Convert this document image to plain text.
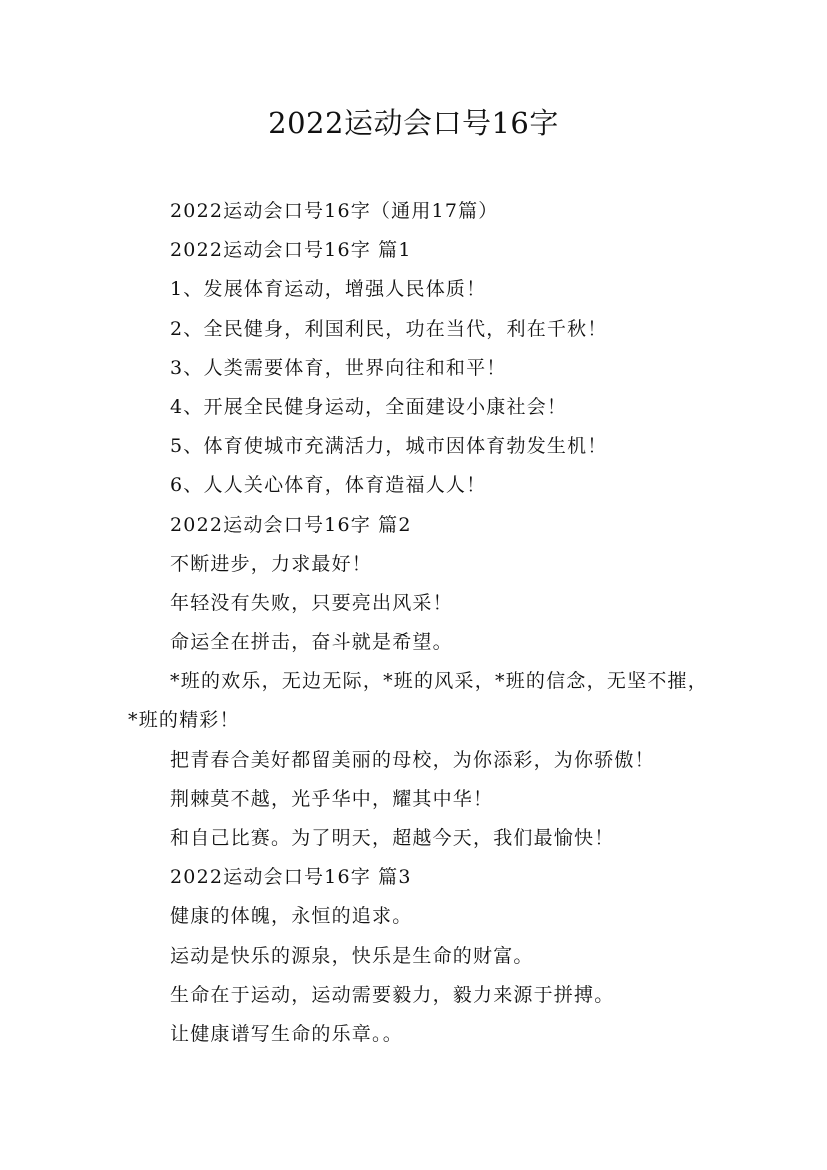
2022运动会口号16字
2022运动会口号16字（通用17篇）
2022运动会口号16字 篇1
1、发展体育运动，增强人民体质！
2、全民健身，利国利民，功在当代，利在千秋！
3、人类需要体育，世界向往和和平！
4、开展全民健身运动，全面建设小康社会！
5、体育使城市充满活力，城市因体育勃发生机！
6、人人关心体育，体育造福人人！
2022运动会口号16字 篇2
不断进步，力求最好！
年轻没有失败，只要亮出风采！
命运全在拼击，奋斗就是希望。
*班的欢乐，无边无际，*班的风采，*班的信念，无坚不摧，*班的精彩！
把青春合美好都留美丽的母校，为你添彩，为你骄傲！
荆棘莫不越，光乎华中，耀其中华！
和自己比赛。为了明天，超越今天，我们最愉快！
2022运动会口号16字 篇3
健康的体魄，永恒的追求。
运动是快乐的源泉，快乐是生命的财富。
生命在于运动，运动需要毅力，毅力来源于拼搏。
让健康谱写生命的乐章。。
